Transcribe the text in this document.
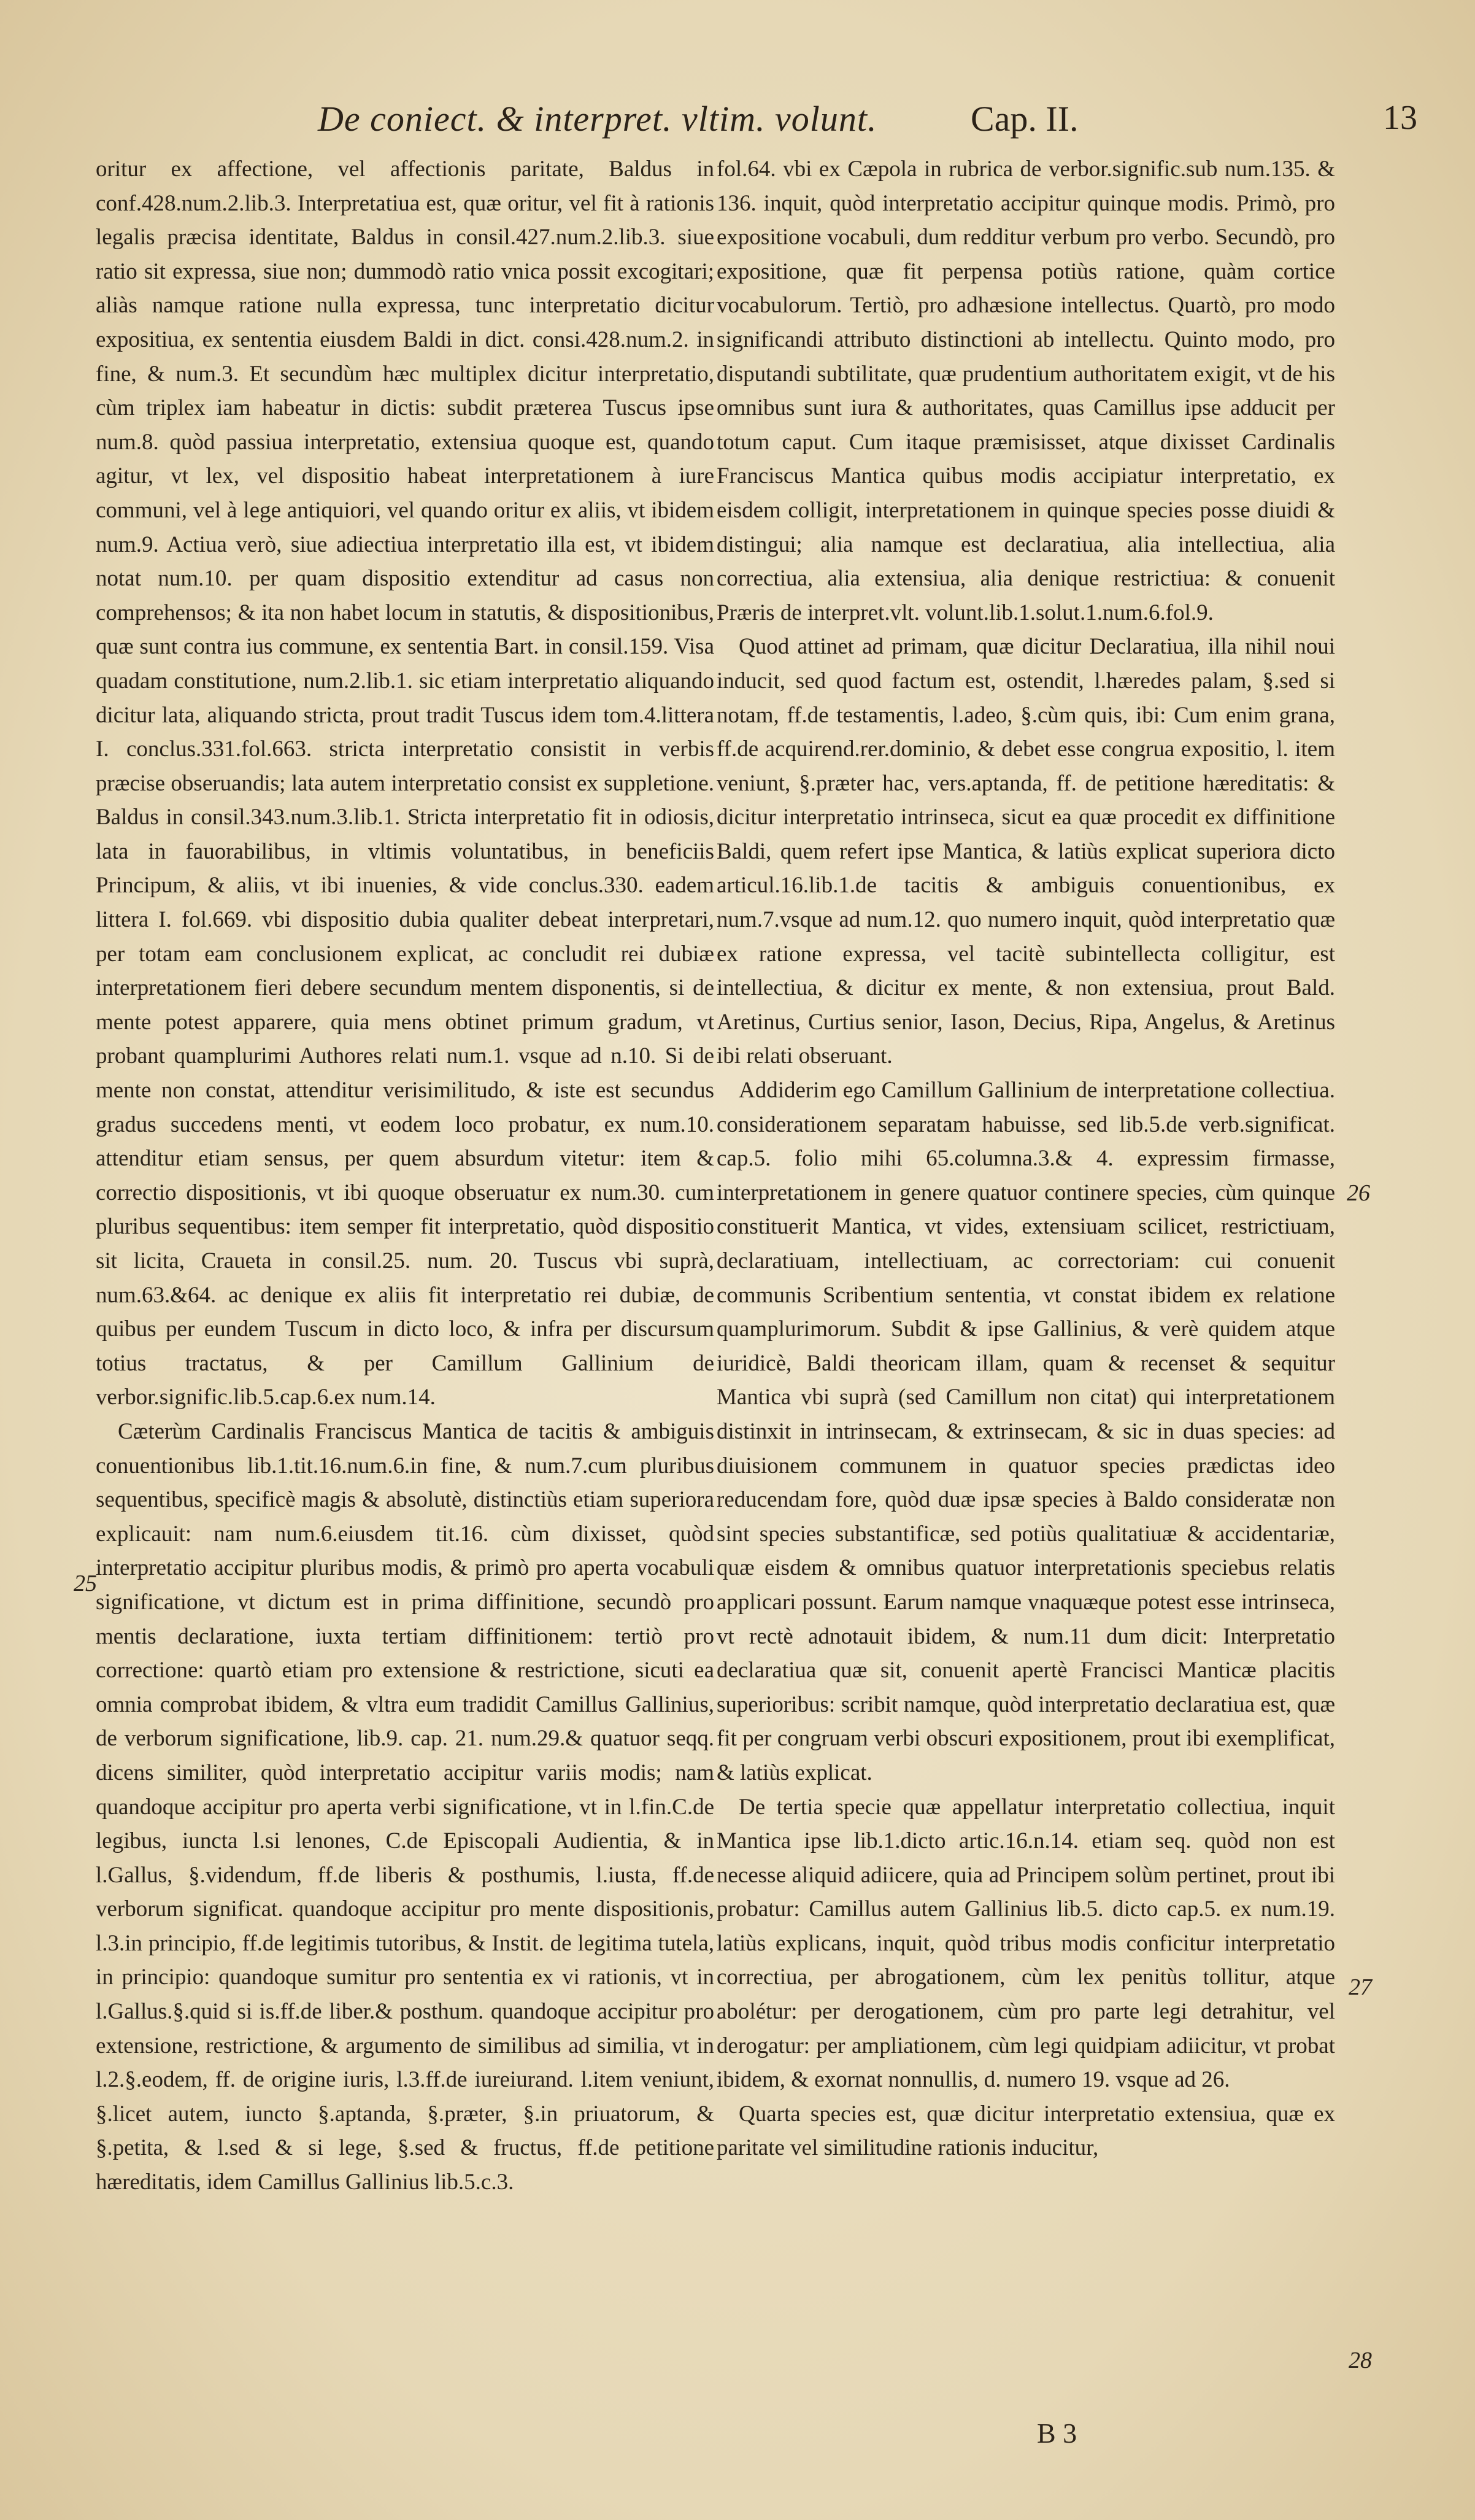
De coniect. & interpret. vltim. volunt.	Cap. II.	13

oritur ex affectione, vel affectionis paritate, Baldus in conf.428.num.2.lib.3. Interpretatiua est, quæ oritur, vel fit à rationis legalis præcisa identitate, Baldus in consil.427.num.2.lib.3. siue ratio sit expressa, siue non; dummodò ratio vnica possit excogitari; aliàs namque ratione nulla expressa, tunc interpretatio dicitur expositiua, ex sententia eiusdem Baldi in dict. consi.428.num.2. in fine, & num.3. Et secundùm hæc multiplex dicitur interpretatio, cùm triplex iam habeatur in dictis: subdit præterea Tuscus ipse num.8. quòd passiua interpretatio, extensiua quoque est, quando agitur, vt lex, vel dispositio habeat interpretationem à iure communi, vel à lege antiquiori, vel quando oritur ex aliis, vt ibidem num.9. Actiua verò, siue adiectiua interpretatio illa est, vt ibidem notat num.10. per quam dispositio extenditur ad casus non comprehensos; & ita non habet locum in statutis, & dispositionibus, quæ sunt contra ius commune, ex sententia Bart. in consil.159. Visa quadam constitutione, num.2.lib.1. sic etiam interpretatio aliquando dicitur lata, aliquando stricta, prout tradit Tuscus idem tom.4.littera I. conclus.331.fol.663. stricta interpretatio consistit in verbis præcise obseruandis; lata autem interpretatio consist ex suppletione. Baldus in consil.343.num.3.lib.1. Stricta interpretatio fit in odiosis, lata in fauorabilibus, in vltimis voluntatibus, in beneficiis Principum, & aliis, vt ibi inuenies, & vide conclus.330. eadem littera I. fol.669. vbi dispositio dubia qualiter debeat interpretari, per totam eam conclusionem explicat, ac concludit rei dubiæ interpretationem fieri debere secundum mentem disponentis, si de mente potest apparere, quia mens obtinet primum gradum, vt probant quamplurimi Authores relati num.1. vsque ad n.10. Si de mente non constat, attenditur verisimilitudo, & iste est secundus gradus succedens menti, vt eodem loco probatur, ex num.10. attenditur etiam sensus, per quem absurdum vitetur: item & correctio dispositionis, vt ibi quoque obseruatur ex num.30. cum pluribus sequentibus: item semper fit interpretatio, quòd dispositio sit licita, Craueta in consil.25. num. 20. Tuscus vbi suprà, num.63.&64. ac denique ex aliis fit interpretatio rei dubiæ, de quibus per eundem Tuscum in dicto loco, & infra per discursum totius tractatus, & per Camillum Gallinium de verbor.signific.lib.5.cap.6.ex num.14.

Cæterùm Cardinalis Franciscus Mantica de tacitis & ambiguis conuentionibus lib.1.tit.16.num.6.in fine, & num.7.cum pluribus sequentibus, specificè magis & absolutè, distinctiùs etiam superiora explicauit: nam num.6.eiusdem tit.16. cùm dixisset, quòd interpretatio accipitur pluribus modis, & primò pro aperta vocabuli significatione, vt dictum est in prima diffinitione, secundò pro mentis declaratione, iuxta tertiam diffinitionem: tertiò pro correctione: quartò etiam pro extensione & restrictione, sicuti ea omnia comprobat ibidem, & vltra eum tradidit Camillus Gallinius, de verborum significatione, lib.9. cap. 21. num.29.& quatuor seqq. dicens similiter, quòd interpretatio accipitur variis modis; nam quandoque accipitur pro aperta verbi significatione, vt in l.fin.C.de legibus, iuncta l.si lenones, C.de Episcopali Audientia, & in l.Gallus, §.videndum, ff.de liberis & posthumis, l.iusta, ff.de verborum significat. quandoque accipitur pro mente dispositionis, l.3.in principio, ff.de legitimis tutoribus, & Instit. de legitima tutela, in principio: quandoque sumitur pro sententia ex vi rationis, vt in l.Gallus.§.quid si is.ff.de liber.& posthum. quandoque accipitur pro extensione, restrictione, & argumento de similibus ad similia, vt in l.2.§.eodem, ff. de origine iuris, l.3.ff.de iureiurand. l.item veniunt, §.licet autem, iuncto §.aptanda, §.præter, §.in priuatorum, & §.petita, & l.sed & si lege, §.sed & fructus, ff.de petitione hæreditatis, idem Camillus Gallinius lib.5.c.3.

fol.64. vbi ex Cæpola in rubrica de verbor.signific.sub num.135. & 136. inquit, quòd interpretatio accipitur quinque modis. Primò, pro expositione vocabuli, dum redditur verbum pro verbo. Secundò, pro expositione, quæ fit perpensa potiùs ratione, quàm cortice vocabulorum. Tertiò, pro adhæsione intellectus. Quartò, pro modo significandi attributo distinctioni ab intellectu. Quinto modo, pro disputandi subtilitate, quæ prudentium authoritatem exigit, vt de his omnibus sunt iura & authoritates, quas Camillus ipse adducit per totum caput. Cum itaque præmisisset, atque dixisset Cardinalis Franciscus Mantica quibus modis accipiatur interpretatio, ex eisdem colligit, interpretationem in quinque species posse diuidi & distingui; alia namque est declaratiua, alia intellectiua, alia correctiua, alia extensiua, alia denique restrictiua: & conuenit Præris de interpret.vlt. volunt.lib.1.solut.1.num.6.fol.9.

Quod attinet ad primam, quæ dicitur Declaratiua, illa nihil noui inducit, sed quod factum est, ostendit, l.hæredes palam, §.sed si notam, ff.de testamentis, l.adeo, §.cùm quis, ibi: Cum enim grana, ff.de acquirend.rer.dominio, & debet esse congrua expositio, l. item veniunt, §.præter hac, vers.aptanda, ff. de petitione hæreditatis: & dicitur interpretatio intrinseca, sicut ea quæ procedit ex diffinitione Baldi, quem refert ipse Mantica, & latiùs explicat superiora dicto articul.16.lib.1.de tacitis & ambiguis conuentionibus, ex num.7.vsque ad num.12. quo numero inquit, quòd interpretatio quæ ex ratione expressa, vel tacitè subintellecta colligitur, est intellectiua, & dicitur ex mente, & non extensiua, prout Bald. Aretinus, Curtius senior, Iason, Decius, Ripa, Angelus, & Aretinus ibi relati obseruant.

Addiderim ego Camillum Gallinium de interpretatione collectiua. considerationem separatam habuisse, sed lib.5.de verb.significat. cap.5. folio mihi 65.columna.3.& 4. expressim firmasse, interpretationem in genere quatuor continere species, cùm quinque constituerit Mantica, vt vides, extensiuam scilicet, restrictiuam, declaratiuam, intellectiuam, ac correctoriam: cui conuenit communis Scribentium sententia, vt constat ibidem ex relatione quamplurimorum. Subdit & ipse Gallinius, & verè quidem atque iuridicè, Baldi theoricam illam, quam & recenset & sequitur Mantica vbi suprà (sed Camillum non citat) qui interpretationem distinxit in intrinsecam, & extrinsecam, & sic in duas species: ad diuisionem communem in quatuor species prædictas ideo reducendam fore, quòd duæ ipsæ species à Baldo consideratæ non sint species substantificæ, sed potiùs qualitatiuæ & accidentariæ, quæ eisdem & omnibus quatuor interpretationis speciebus relatis applicari possunt. Earum namque vnaquæque potest esse intrinseca, vt rectè adnotauit ibidem, & num.11 dum dicit: Interpretatio declaratiua quæ sit, conuenit apertè Francisci Manticæ placitis superioribus: scribit namque, quòd interpretatio declaratiua est, quæ fit per congruam verbi obscuri expositionem, prout ibi exemplificat, & latiùs explicat.

De tertia specie quæ appellatur interpretatio collectiua, inquit Mantica ipse lib.1.dicto artic.16.n.14. etiam seq. quòd non est necesse aliquid adiicere, quia ad Principem solùm pertinet, prout ibi probatur: Camillus autem Gallinius lib.5. dicto cap.5. ex num.19. latiùs explicans, inquit, quòd tribus modis conficitur interpretatio correctiua, per abrogationem, cùm lex penitùs tollitur, atque abolétur: per derogationem, cùm pro parte legi detrahitur, vel derogatur: per ampliationem, cùm legi quidpiam adiicitur, vt probat ibidem, & exornat nonnullis, d. numero 19. vsque ad 26.

Quarta species est, quæ dicitur interpretatio extensiua, quæ ex paritate vel similitudine rationis inducitur,

25
26
27
28
B 3
